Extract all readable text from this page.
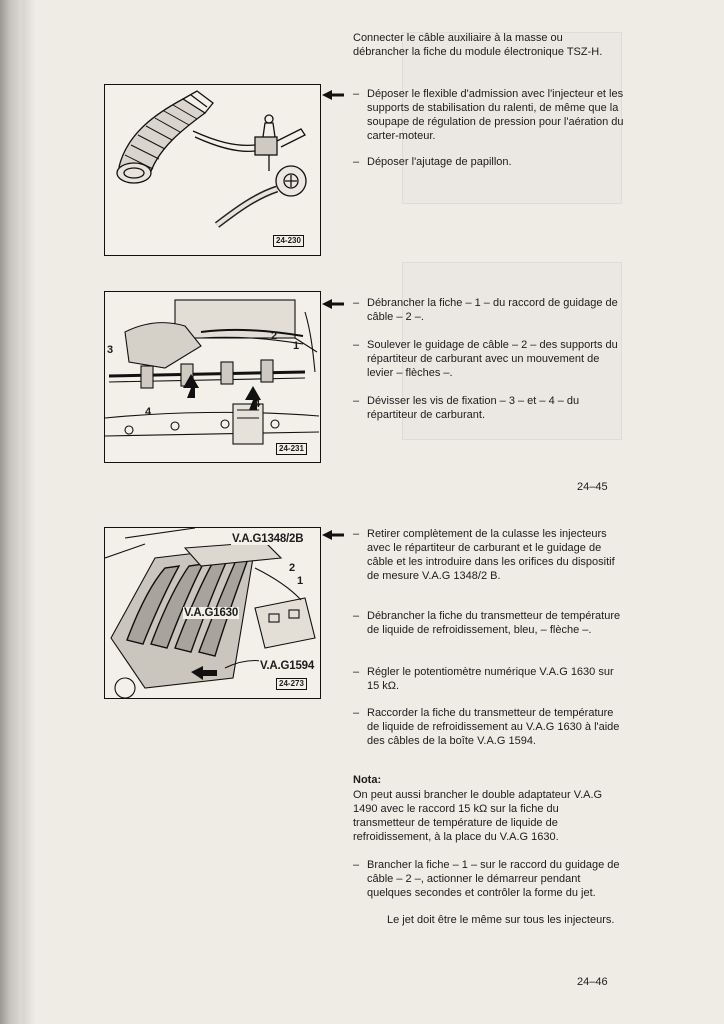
Connecter le câble auxiliaire à la masse ou débrancher la fiche du module électronique TSZ-H.

24-230
– Déposer le flexible d'admission avec l'injecteur et les supports de stabilisation du ralenti, de même que la soupape de régulation de pression pour l'aération du carter-moteur.
– Déposer l'ajutage de papillon.
1
2
3
4
4
24-231
– Débrancher la fiche – 1 – du raccord de guidage de câble – 2 –.
– Soulever le guidage de câble – 2 – des supports du répartiteur de carburant avec un mouvement de levier – flèches –.
– Dévisser les vis de fixation – 3 – et – 4 – du répartiteur de carburant.
24–45
V.A.G1348/2B
V.A.G1630
V.A.G1594
2
1
24-273
– Retirer complètement de la culasse les injecteurs avec le répartiteur de carburant et le guidage de câble et les introduire dans les orifices du dispositif de mesure V.A.G 1348/2 B.
– Débrancher la fiche du transmetteur de température de liquide de refroidissement, bleu, – flèche –.
– Régler le potentiomètre numérique V.A.G 1630 sur 15 kΩ.
– Raccorder la fiche du transmetteur de température de liquide de refroidissement au V.A.G 1630 à l'aide des câbles de la boîte V.A.G 1594.
Nota:

On peut aussi brancher le double adaptateur V.A.G 1490 avec le raccord 15 kΩ sur la fiche du transmetteur de température de liquide de refroidissement, à la place du V.A.G 1630.

– Brancher la fiche – 1 – sur le raccord du guidage de câble – 2 –, actionner le démarreur pendant quelques secondes et contrôler la forme du jet.

Le jet doit être le même sur tous les injecteurs.

24–46
